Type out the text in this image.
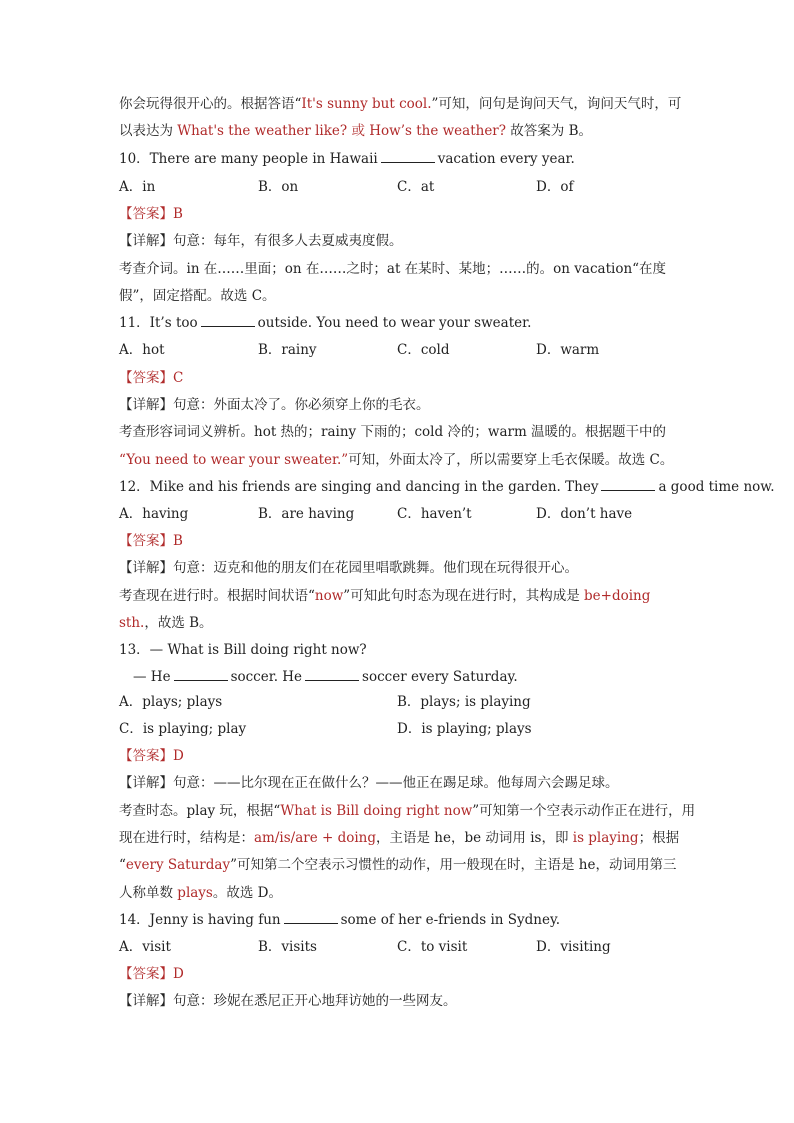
你会玩得很开心的。根据答语“It's sunny but cool.”可知，问句是询问天气，询问天气时，可
以表达为 What's the weather like? 或 How’s the weather? 故答案为 B。
10．There are many people in Hawaii	vacation every year.
A．in	B．on	C．at	D．of
【答案】B
【详解】句意：每年，有很多人去夏威夷度假。
考查介词。in 在……里面；on 在……之时；at 在某时、某地；……的。on vacation“在度
假”，固定搭配。故选 C。
11．It’s too	outside. You need to wear your sweater.
A．hot	B．rainy	C．cold	D．warm
【答案】C
【详解】句意：外面太冷了。你必须穿上你的毛衣。
考查形容词词义辨析。hot 热的；rainy 下雨的；cold 冷的；warm 温暖的。根据题干中的
“You need to wear your sweater.”可知，外面太冷了，所以需要穿上毛衣保暖。故选 C。
12．Mike and his friends are singing and dancing in the garden. They	a good time now.
A．having	B．are having	C．haven’t	D．don’t have
【答案】B
【详解】句意：迈克和他的朋友们在花园里唱歌跳舞。他们现在玩得很开心。
考查现在进行时。根据时间状语“now”可知此句时态为现在进行时，其构成是 be+doing
sth.，故选 B。
13．— What is Bill doing right now?
— He	soccer. He	soccer every Saturday.
A．plays; plays	B．plays; is playing
C．is playing; play	D．is playing; plays
【答案】D
【详解】句意：——比尔现在正在做什么？——他正在踢足球。他每周六会踢足球。
考查时态。play 玩，根据“What is Bill doing right now”可知第一个空表示动作正在进行，用
现在进行时，结构是：am/is/are + doing，主语是 he，be 动词用 is，即 is playing；根据
“every Saturday”可知第二个空表示习惯性的动作，用一般现在时，主语是 he，动词用第三
人称单数 plays。故选 D。
14．Jenny is having fun	some of her e-friends in Sydney.
A．visit	B．visits	C．to visit	D．visiting
【答案】D
【详解】句意：珍妮在悉尼正开心地拜访她的一些网友。
